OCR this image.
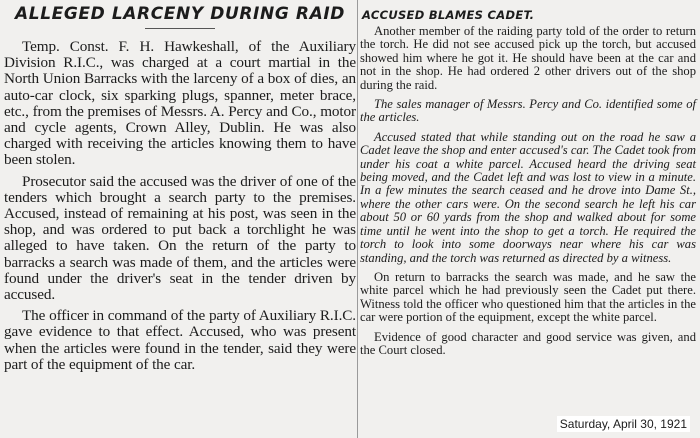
ALLEGED LARCENY DURING RAID

Temp. Const. F. H. Hawkeshall, of the Auxiliary Division R.I.C., was charged at a court martial in the North Union Barracks with the larceny of a box of dies, an auto-car clock, six sparking plugs, spanner, meter brace, etc., from the premises of Messrs. A. Percy and Co., motor and cycle agents, Crown Alley, Dublin. He was also charged with receiving the articles knowing them to have been stolen.

Prosecutor said the accused was the driver of one of the tenders which brought a search party to the premises. Accused, instead of remaining at his post, was seen in the shop, and was ordered to put back a torchlight he was alleged to have taken. On the return of the party to barracks a search was made of them, and the articles were found under the driver's seat in the tender driven by accused.

The officer in command of the party of Auxiliary R.I.C. gave evidence to that effect. Accused, who was present when the articles were found in the tender, said they were part of the equipment of the car.

ACCUSED BLAMES CADET.

Another member of the raiding party told of the order to return the torch. He did not see accused pick up the torch, but accused showed him where he got it. He should have been at the car and not in the shop. He had ordered 2 other drivers out of the shop during the raid.

The sales manager of Messrs. Percy and Co. identified some of the articles.

Accused stated that while standing out on the road he saw a Cadet leave the shop and enter accused's car. The Cadet took from under his coat a white parcel. Accused heard the driving seat being moved, and the Cadet left and was lost to view in a minute. In a few minutes the search ceased and he drove into Dame St., where the other cars were. On the second search he left his car about 50 or 60 yards from the shop and walked about for some time until he went into the shop to get a torch. He required the torch to look into some doorways near where his car was standing, and the torch was returned as directed by a witness.

On return to barracks the search was made, and he saw the white parcel which he had previously seen the Cadet put there. Witness told the officer who questioned him that the articles in the car were portion of the equipment, except the white parcel.

Evidence of good character and good service was given, and the Court closed.

Saturday, April 30, 1921
